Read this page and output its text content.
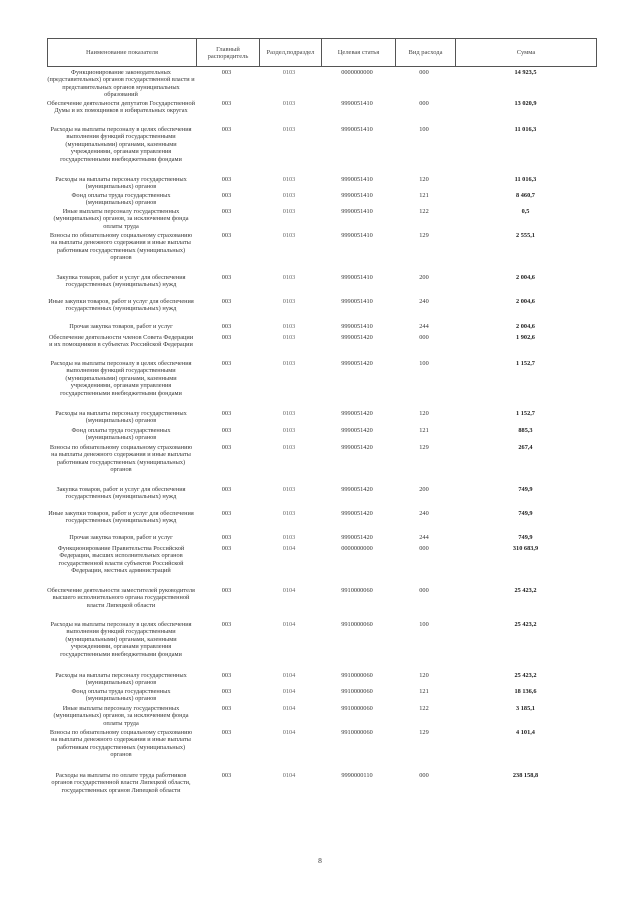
Наименование показателя	Главный распорядитель	Раздел,подраздел	Целевая статья	Вид расхода	Сумма
Функционирование законодательных (представительных) органов государственной власти и представительных органов муниципальных образований
003	0103	0000000000	000	14 923,5
Обеспечение деятельности депутатов Государственной Думы и их помощников в избирательных округах
003	0103	9990051410	000	13 020,9
Расходы на выплаты персоналу в целях обеспечения выполнения функций государственными (муниципальными) органами, казенными учреждениями, органами управления государственными внебюджетными фондами
003	0103	9990051410	100	11 016,3
Расходы на выплаты персоналу государственных (муниципальных) органов
003	0103	9990051410	120	11 016,3
Фонд оплаты труда государственных (муниципальных) органов
003	0103	9990051410	121	8 460,7
Иные выплаты персоналу государственных (муниципальных) органов, за исключением фонда оплаты труда
003	0103	9990051410	122	0,5
Взносы по обязательному социальному страхованию на выплаты денежного содержания и иные выплаты работникам государственных (муниципальных) органов
003	0103	9990051410	129	2 555,1
Закупка товаров, работ и услуг для обеспечения государственных (муниципальных) нужд
003	0103	9990051410	200	2 004,6
Иные закупки товаров, работ и услуг для обеспечения государственных (муниципальных) нужд
003	0103	9990051410	240	2 004,6
Прочая закупка товаров, работ и услуг	003	0103	9990051410	244	2 004,6
Обеспечение деятельности членов Совета Федерации и их помощников в субъектах Российской Федерации
003	0103	9990051420	000	1 902,6
Расходы на выплаты персоналу в целях обеспечения выполнения функций государственными (муниципальными) органами, казенными учреждениями, органами управления государственными внебюджетными фондами
003	0103	9990051420	100	1 152,7
Расходы на выплаты персоналу государственных (муниципальных) органов
003	0103	9990051420	120	1 152,7
Фонд оплаты труда государственных (муниципальных) органов
003	0103	9990051420	121	885,3
Взносы по обязательному социальному страхованию на выплаты денежного содержания и иные выплаты работникам государственных (муниципальных) органов
003	0103	9990051420	129	267,4
Закупка товаров, работ и услуг для обеспечения государственных (муниципальных) нужд
003	0103	9990051420	200	749,9
Иные закупки товаров, работ и услуг для обеспечения государственных (муниципальных) нужд
003	0103	9990051420	240	749,9
Прочая закупка товаров, работ и услуг	003	0103	9990051420	244	749,9
Функционирование Правительства Российской Федерации, высших исполнительных органов государственной власти субъектов Российской Федерации, местных администраций
003	0104	0000000000	000	310 683,9
Обеспечение деятельности заместителей руководителя высшего исполнительного органа государственной власти Липецкой области
003	0104	9910000060	000	25 423,2
Расходы на выплаты персоналу в целях обеспечения выполнения функций государственными (муниципальными) органами, казенными учреждениями, органами управления государственными внебюджетными фондами
003	0104	9910000060	100	25 423,2
Расходы на выплаты персоналу государственных (муниципальных) органов
003	0104	9910000060	120	25 423,2
Фонд оплаты труда государственных (муниципальных) органов
003	0104	9910000060	121	18 136,6
Иные выплаты персоналу государственных (муниципальных) органов, за исключением фонда оплаты труда
003	0104	9910000060	122	3 185,1
Взносы по обязательному социальному страхованию на выплаты денежного содержания и иные выплаты работникам государственных (муниципальных) органов
003	0104	9910000060	129	4 101,4
Расходы на выплаты по оплате труда работников органов государственной власти Липецкой области, государственных органов Липецкой области
003	0104	9990000110	000	238 158,8
8
